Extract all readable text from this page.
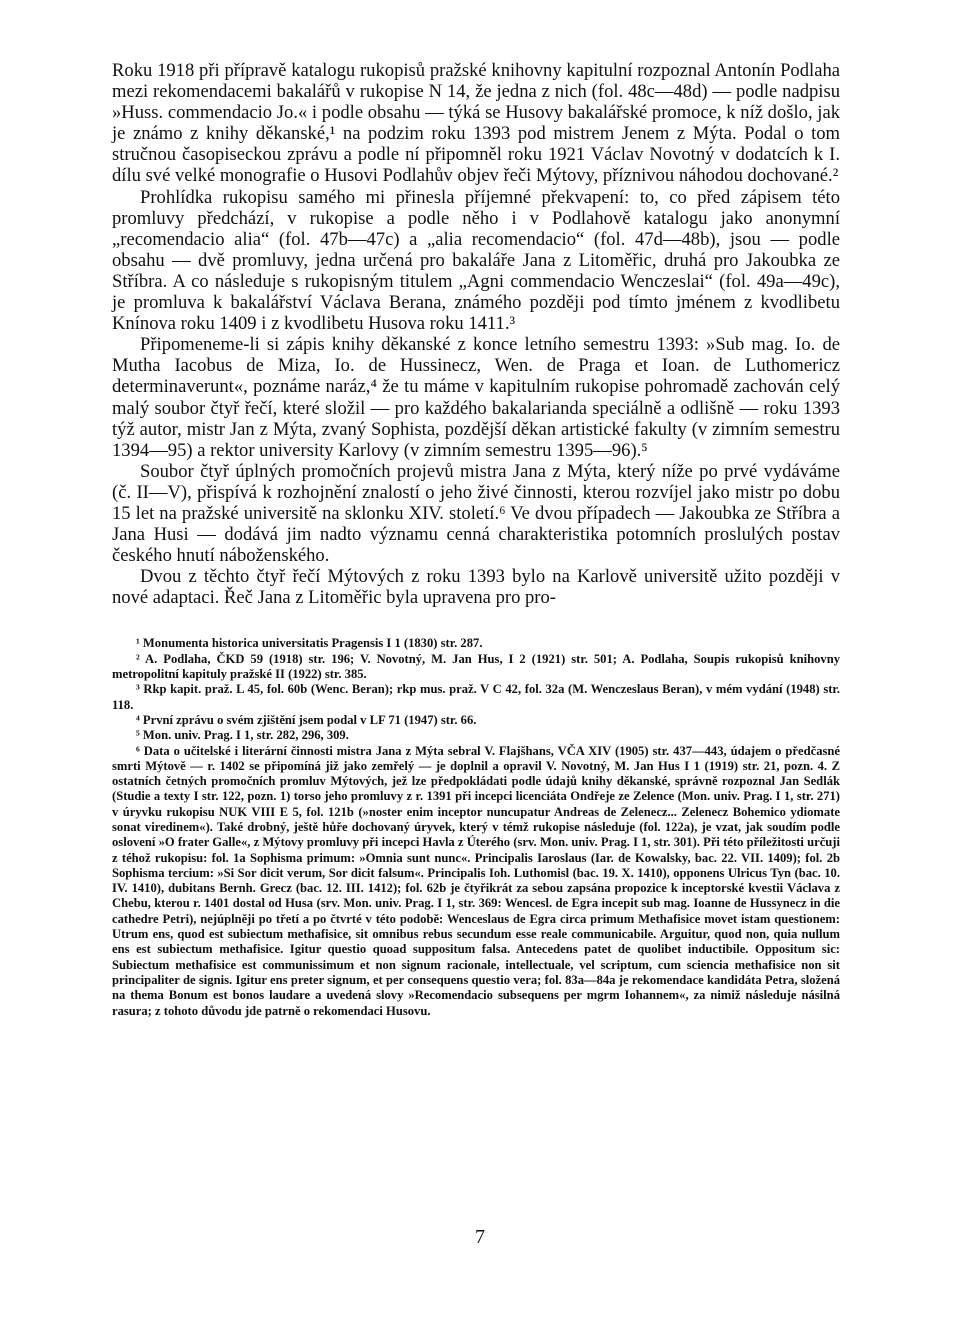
Roku 1918 při přípravě katalogu rukopisů pražské knihovny kapitulní rozpoznal Antonín Podlaha mezi rekomendacemi bakalářů v rukopise N 14, že jedna z nich (fol. 48c—48d) — podle nadpisu »Huss. commendacio Jo.« i podle obsahu — týká se Husovy bakalářské promoce, k níž došlo, jak je známo z knihy děkanské,¹ na podzim roku 1393 pod mistrem Jenem z Mýta. Podal o tom stručnou časopiseckou zprávu a podle ní připomněl roku 1921 Václav Novotný v dodatcích k I. dílu své velké monografie o Husovi Podlahův objev řeči Mýtovy, příznivou náhodou dochované.²

Prohlídka rukopisu samého mi přinesla příjemné překvapení: to, co před zápisem této promluvy předchází, v rukopise a podle něho i v Podlahově katalogu jako anonymní „recomendacio alia“ (fol. 47b—47c) a „alia recomendacio“ (fol. 47d—48b), jsou — podle obsahu — dvě promluvy, jedna určená pro bakaláře Jana z Litoměřic, druhá pro Jakoubka ze Stříbra. A co následuje s rukopisným titulem „Agni commendacio Wenczeslai“ (fol. 49a—49c), je promluva k bakalářství Václava Berana, známého později pod tímto jménem z kvodlibetu Knínova roku 1409 i z kvodlibetu Husova roku 1411.³

Připomeneme-li si zápis knihy děkanské z konce letního semestru 1393: »Sub mag. Io. de Mutha Iacobus de Miza, Io. de Hussinecz, Wen. de Praga et Ioan. de Luthomericz determinaverunt«, poznáme naráz,⁴ že tu máme v kapitulním rukopise pohromadě zachován celý malý soubor čtyř řečí, které složil — pro každého bakalarianda speciálně a odlišně — roku 1393 týž autor, mistr Jan z Mýta, zvaný Sophista, pozdější děkan artistické fakulty (v zimním semestru 1394—95) a rektor university Karlovy (v zimním semestru 1395—96).⁵

Soubor čtyř úplných promočních projevů mistra Jana z Mýta, který níže po prvé vydáváme (č. II—V), přispívá k rozhojnění znalostí o jeho živé činnosti, kterou rozvíjel jako mistr po dobu 15 let na pražské universitě na sklonku XIV. století.⁶ Ve dvou případech — Jakoubka ze Stříbra a Jana Husi — dodává jim nadto významu cenná charakteristika potomních proslulých postav českého hnutí náboženského.

Dvou z těchto čtyř řečí Mýtových z roku 1393 bylo na Karlově universitě užito později v nové adaptaci. Řeč Jana z Litoměřic byla upravena pro pro-

¹ Monumenta historica universitatis Pragensis I 1 (1830) str. 287.

² A. Podlaha, ČKD 59 (1918) str. 196; V. Novotný, M. Jan Hus, I 2 (1921) str. 501; A. Podlaha, Soupis rukopisů knihovny metropolitní kapituly pražské II (1922) str. 385.

³ Rkp kapit. praž. L 45, fol. 60b (Wenc. Beran); rkp mus. praž. V C 42, fol. 32a (M. Wenczeslaus Beran), v mém vydání (1948) str. 118.

⁴ První zprávu o svém zjištění jsem podal v LF 71 (1947) str. 66.

⁵ Mon. univ. Prag. I 1, str. 282, 296, 309.

⁶ Data o učitelské i literární činnosti mistra Jana z Mýta sebral V. Flajšhans, VČA XIV (1905) str. 437—443, údajem o předčasné smrti Mýtově — r. 1402 se připomíná již jako zemřelý — je doplnil a opravil V. Novotný, M. Jan Hus I 1 (1919) str. 21, pozn. 4. Z ostatních četných promočních promluv Mýtových, jež lze předpokládati podle údajů knihy děkanské, správně rozpoznal Jan Sedlák (Studie a texty I str. 122, pozn. 1) torso jeho promluvy z r. 1391 při incepci licenciáta Ondřeje ze Zelence (Mon. univ. Prag. I 1, str. 271) v úryvku rukopisu NUK VIII E 5, fol. 121b (»noster enim inceptor nuncupatur Andreas de Zelenecz... Zelenecz Bohemico ydiomate sonat viredinem«). Také drobný, ještě hůře dochovaný úryvek, který v témž rukopise následuje (fol. 122a), je vzat, jak soudím podle oslovení »O frater Galle«, z Mýtovy promluvy při incepci Havla z Úterého (srv. Mon. univ. Prag. I 1, str. 301). Při této příležitosti určuji z téhož rukopisu: fol. 1a Sophisma primum: »Omnia sunt nunc«. Principalis Iaroslaus (Iar. de Kowalsky, bac. 22. VII. 1409); fol. 2b Sophisma tercium: »Si Sor dicit verum, Sor dicit falsum«. Principalis Ioh. Luthomisl (bac. 19. X. 1410), opponens Ulricus Tyn (bac. 10. IV. 1410), dubitans Bernh. Grecz (bac. 12. III. 1412); fol. 62b je čtyřikrát za sebou zapsána propozice k inceptorské kvestii Václava z Chebu, kterou r. 1401 dostal od Husa (srv. Mon. univ. Prag. I 1, str. 369: Wencesl. de Egra incepit sub mag. Ioanne de Hussynecz in die cathedre Petri), nejúplněji po třetí a po čtvrté v této podobě: Wenceslaus de Egra circa primum Methafisice movet istam questionem: Utrum ens, quod est subiectum methafisice, sit omnibus rebus secundum esse reale communicabile. Arguitur, quod non, quia nullum ens est subiectum methafisice. Igitur questio quoad suppositum falsa. Antecedens patet de quolibet inductibile. Oppositum sic: Subiectum methafisice est communissimum et non signum racionale, intellectuale, vel scriptum, cum sciencia methafisice non sit principaliter de signis. Igitur ens preter signum, et per consequens questio vera; fol. 83a—84a je rekomendace kandidáta Petra, složená na thema Bonum est bonos laudare a uvedená slovy »Recomendacio subsequens per mgrm Iohannem«, za nimiž následuje násilná rasura; z tohoto důvodu jde patrně o rekomendaci Husovu.

7
